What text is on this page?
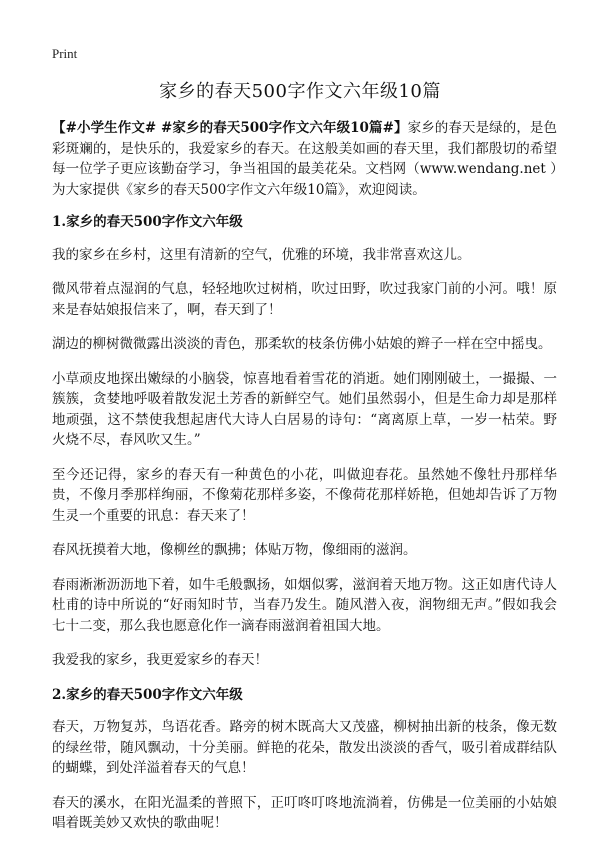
Print
家乡的春天500字作文六年级10篇

【#小学生作文# #家乡的春天500字作文六年级10篇#】家乡的春天是绿的，是色彩斑斓的，是快乐的，我爱家乡的春天。在这般美如画的春天里，我们都殷切的希望每一位学子更应该勤奋学习，争当祖国的最美花朵。文档网（www.wendang.net ）为大家提供《家乡的春天500字作文六年级10篇》，欢迎阅读。

1.家乡的春天500字作文六年级

我的家乡在乡村，这里有清新的空气，优雅的环境，我非常喜欢这儿。

微风带着点湿润的气息，轻轻地吹过树梢，吹过田野，吹过我家门前的小河。哦！原来是春姑娘报信来了，啊，春天到了！

湖边的柳树微微露出淡淡的青色，那柔软的枝条仿佛小姑娘的辫子一样在空中摇曳。

小草顽皮地探出嫩绿的小脑袋，惊喜地看着雪花的消逝。她们刚刚破土，一撮撮、一簇簇，贪婪地呼吸着散发泥土芳香的新鲜空气。她们虽然弱小，但是生命力却是那样地顽强，这不禁使我想起唐代大诗人白居易的诗句：“离离原上草，一岁一枯荣。野火烧不尽，春风吹又生。”

至今还记得，家乡的春天有一种黄色的小花，叫做迎春花。虽然她不像牡丹那样华贵，不像月季那样绚丽，不像菊花那样多姿，不像荷花那样娇艳，但她却告诉了万物生灵一个重要的讯息：春天来了！

春风抚摸着大地，像柳丝的飘拂；体贴万物，像细雨的滋润。

春雨淅淅沥沥地下着，如牛毛般飘扬，如烟似雾，滋润着天地万物。这正如唐代诗人杜甫的诗中所说的“好雨知时节，当春乃发生。随风潜入夜，润物细无声。”假如我会七十二变，那么我也愿意化作一滴春雨滋润着祖国大地。

我爱我的家乡，我更爱家乡的春天！

2.家乡的春天500字作文六年级

春天，万物复苏，鸟语花香。路旁的树木既高大又茂盛，柳树抽出新的枝条，像无数的绿丝带，随风飘动，十分美丽。鲜艳的花朵，散发出淡淡的香气，吸引着成群结队的蝴蝶，到处洋溢着春天的气息！

春天的溪水，在阳光温柔的普照下，正叮咚叮咚地流淌着，仿佛是一位美丽的小姑娘唱着既美妙又欢快的歌曲呢！
